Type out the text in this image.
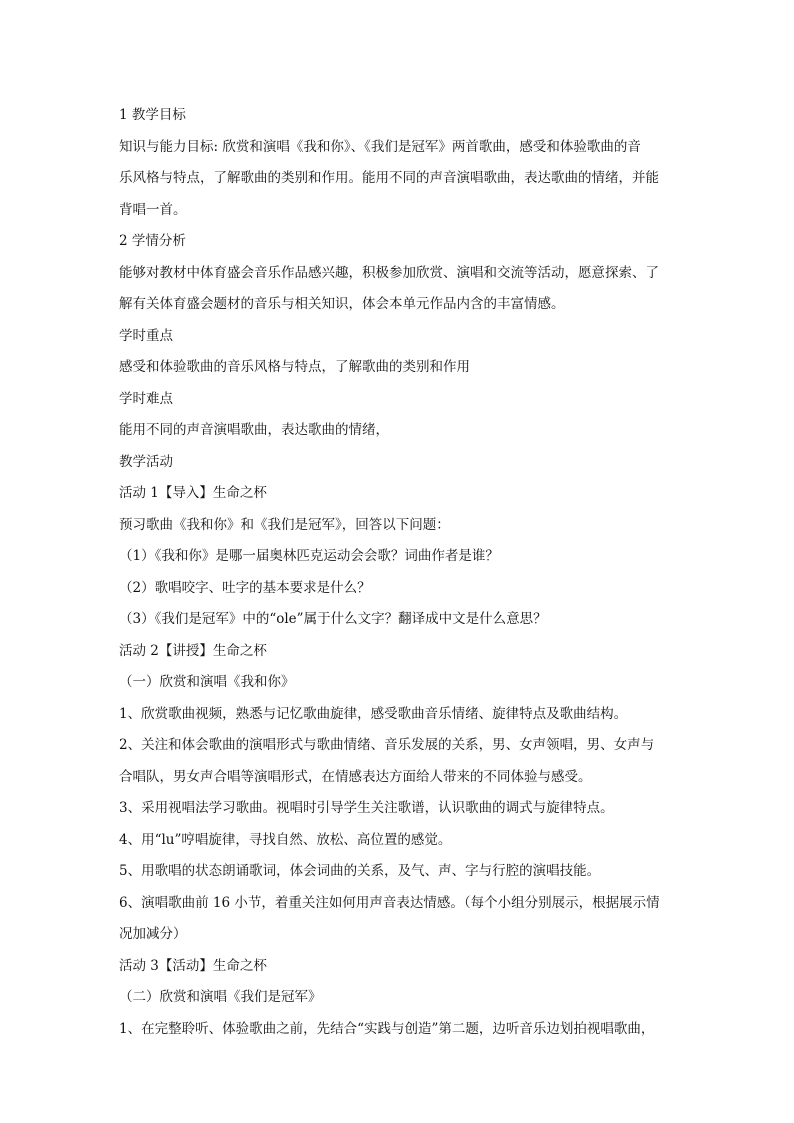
1 教学目标
知识与能力目标: 欣赏和演唱《我和你》、《我们是冠军》两首歌曲，感受和体验歌曲的音
乐风格与特点，了解歌曲的类别和作用。能用不同的声音演唱歌曲，表达歌曲的情绪，并能
背唱一首。
2 学情分析
能够对教材中体育盛会音乐作品感兴趣，积极参加欣赏、演唱和交流等活动，愿意探索、了
解有关体育盛会题材的音乐与相关知识，体会本单元作品内含的丰富情感。
学时重点
感受和体验歌曲的音乐风格与特点，了解歌曲的类别和作用
学时难点
能用不同的声音演唱歌曲，表达歌曲的情绪，
教学活动
活动 1【导入】生命之杯
预习歌曲《我和你》和《我们是冠军》，回答以下问题：
（1）《我和你》是哪一届奥林匹克运动会会歌？词曲作者是谁？
（2）歌唱咬字、吐字的基本要求是什么？
（3）《我们是冠军》中的“ole”属于什么文字？翻译成中文是什么意思？
活动 2【讲授】生命之杯
（一）欣赏和演唱《我和你》
1、欣赏歌曲视频，熟悉与记忆歌曲旋律，感受歌曲音乐情绪、旋律特点及歌曲结构。
2、关注和体会歌曲的演唱形式与歌曲情绪、音乐发展的关系，男、女声领唱，男、女声与
合唱队，男女声合唱等演唱形式，在情感表达方面给人带来的不同体验与感受。
3、采用视唱法学习歌曲。视唱时引导学生关注歌谱，认识歌曲的调式与旋律特点。
4、用“lu”哼唱旋律，寻找自然、放松、高位置的感觉。
5、用歌唱的状态朗诵歌词，体会词曲的关系，及气、声、字与行腔的演唱技能。
6、演唱歌曲前 16 小节，着重关注如何用声音表达情感。（每个小组分别展示，根据展示情
况加减分）
活动 3【活动】生命之杯
（二）欣赏和演唱《我们是冠军》
1、在完整聆听、体验歌曲之前，先结合“实践与创造”第二题，边听音乐边划拍视唱歌曲，
